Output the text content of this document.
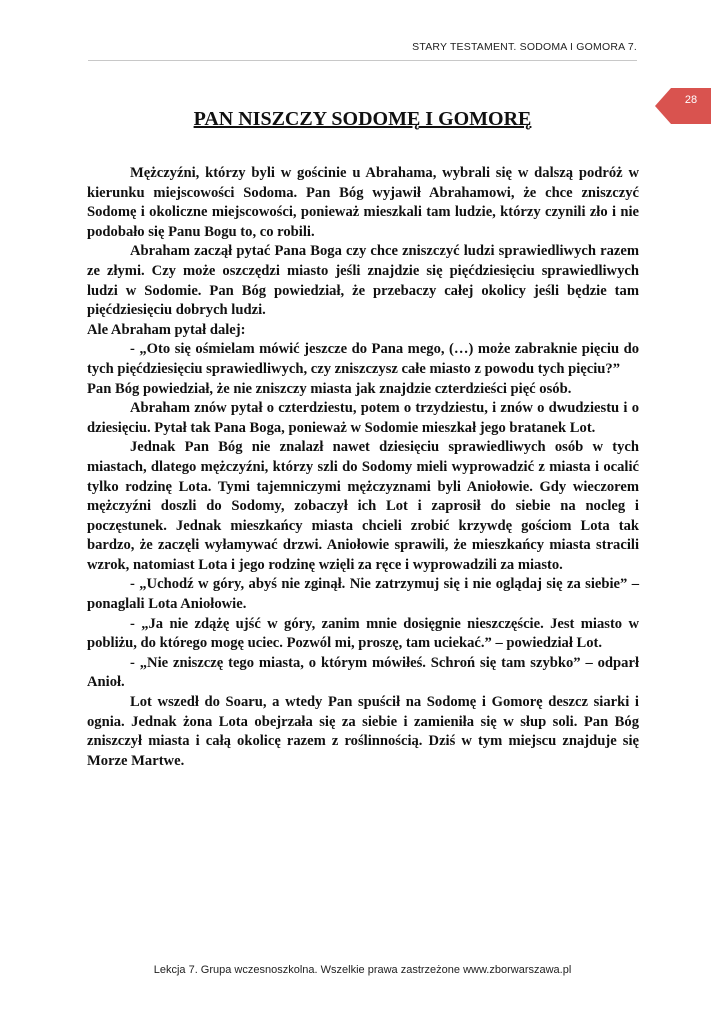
STARY TESTAMENT. SODOMA I GOMORA 7.
28
PAN NISZCZY SODOMĘ I GOMORĘ

Mężczyźni, którzy byli w gościnie u Abrahama, wybrali się w dalszą podróż w kierunku miejscowości Sodoma. Pan Bóg wyjawił Abrahamowi, że chce zniszczyć Sodomę i okoliczne miejscowości, ponieważ mieszkali tam ludzie, którzy czynili zło i nie podobało się Panu Bogu to, co robili.

Abraham zaczął pytać Pana Boga czy chce zniszczyć ludzi sprawiedliwych razem ze złymi. Czy może oszczędzi miasto jeśli znajdzie się pięćdziesięciu sprawiedliwych ludzi w Sodomie. Pan Bóg powiedział, że przebaczy całej okolicy jeśli będzie tam pięćdziesięciu dobrych ludzi.

Ale Abraham pytał dalej:

- „Oto się ośmielam mówić jeszcze do Pana mego, (…) może zabraknie pięciu do tych pięćdziesięciu sprawiedliwych, czy zniszczysz całe miasto z powodu tych pięciu?”

Pan Bóg powiedział, że nie zniszczy miasta jak znajdzie czterdzieści pięć osób.

Abraham znów pytał o czterdziestu, potem o trzydziestu, i znów o dwudziestu i o dziesięciu. Pytał tak Pana Boga, ponieważ w Sodomie mieszkał jego bratanek Lot.

Jednak Pan Bóg nie znalazł nawet dziesięciu sprawiedliwych osób w tych miastach, dlatego mężczyźni, którzy szli do Sodomy mieli wyprowadzić z miasta i ocalić tylko rodzinę Lota. Tymi tajemniczymi mężczyznami byli Aniołowie. Gdy wieczorem mężczyźni doszli do Sodomy, zobaczył ich Lot i zaprosił do siebie na nocleg i poczęstunek. Jednak mieszkańcy miasta chcieli zrobić krzywdę gościom Lota tak bardzo, że zaczęli wyłamywać drzwi. Aniołowie sprawili, że mieszkańcy miasta stracili wzrok, natomiast Lota i jego rodzinę wzięli za ręce i wyprowadzili za miasto.

- „Uchodź w góry, abyś nie zginął. Nie zatrzymuj się i nie oglądaj się za siebie” – ponaglali Lota Aniołowie.

- „Ja nie zdążę ujść w góry, zanim mnie dosięgnie nieszczęście. Jest miasto w pobliżu, do którego mogę uciec. Pozwól mi, proszę, tam uciekać.” – powiedział Lot.

- „Nie zniszczę tego miasta, o którym mówiłeś. Schroń się tam szybko” – odparł Anioł.

Lot wszedł do Soaru, a wtedy Pan spuścił na Sodomę i Gomorę deszcz siarki i ognia. Jednak żona Lota obejrzała się za siebie i zamieniła się w słup soli. Pan Bóg zniszczył miasta i całą okolicę razem z roślinnością. Dziś w tym miejscu znajduje się Morze Martwe.

Lekcja 7. Grupa wczesnoszkolna. Wszelkie prawa zastrzeżone www.zborwarszawa.pl
